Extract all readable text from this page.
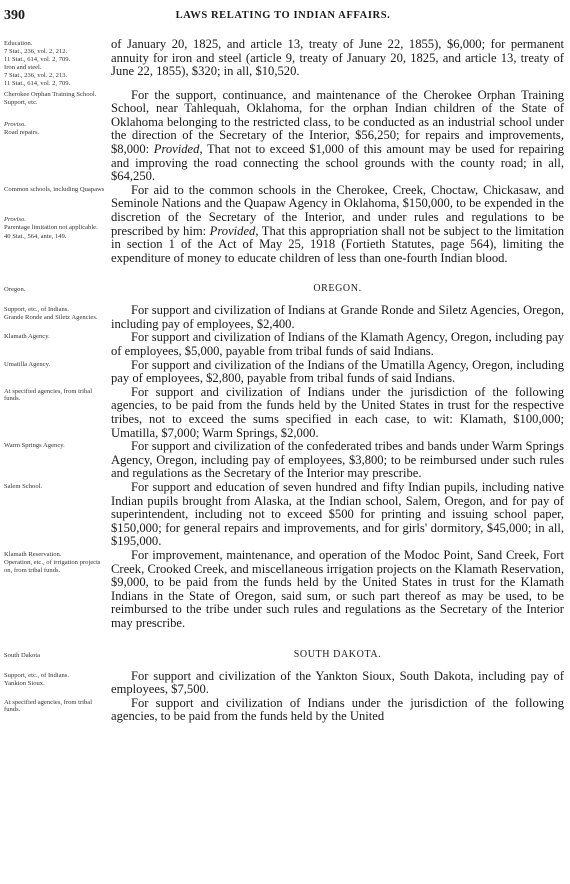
390	LAWS RELATING TO INDIAN AFFAIRS.
Education.
7 Stat., 236, vol. 2, 212.
11 Stat., 614, vol. 2, 709.
Iron and steel.
7 Stat., 236, vol. 2, 213.
11 Stat., 614, vol. 2, 709.
of January 20, 1825, and article 13, treaty of June 22, 1855), $6,000; for permanent annuity for iron and steel (article 9, treaty of January 20, 1825, and article 13, treaty of June 22, 1855), $320; in all, $10,520.
Cherokee Orphan Training School.
Support, etc.
Proviso.
Road repairs.
For the support, continuance, and maintenance of the Cherokee Orphan Training School, near Tahlequah, Oklahoma, for the orphan Indian children of the State of Oklahoma belonging to the restricted class, to be conducted as an industrial school under the direction of the Secretary of the Interior, $56,250; for repairs and improvements, $8,000: Provided, That not to exceed $1,000 of this amount may be used for repairing and improving the road connecting the school grounds with the county road; in all, $64,250.
Common schools, including Quapaws
Proviso.
Parentage limitation not applicable.
40 Stat., 564, ante, 149.
For aid to the common schools in the Cherokee, Creek, Choctaw, Chickasaw, and Seminole Nations and the Quapaw Agency in Oklahoma, $150,000, to be expended in the discretion of the Secretary of the Interior, and under rules and regulations to be prescribed by him: Provided, That this appropriation shall not be subject to the limitation in section 1 of the Act of May 25, 1918 (Fortieth Statutes, page 564), limiting the expenditure of money to educate children of less than one-fourth Indian blood.
Oregon.	OREGON.
Support, etc., of Indians.
Grande Ronde and Siletz Agencies.
For support and civilization of Indians at Grande Ronde and Siletz Agencies, Oregon, including pay of employees, $2,400.
Klamath Agency.	For support and civilization of Indians of the Klamath Agency, Oregon, including pay of employees, $5,000, payable from tribal funds of said Indians.
Umatilla Agency.	For support and civilization of the Indians of the Umatilla Agency, Oregon, including pay of employees, $2,800, payable from tribal funds of said Indians.
At specified agencies, from tribal funds.
For support and civilization of Indians under the jurisdiction of the following agencies, to be paid from the funds held by the United States in trust for the respective tribes, not to exceed the sums specified in each case, to wit: Klamath, $100,000; Umatilla, $7,000; Warm Springs, $2,000.
Warm Springs Agency.	For support and civilization of the confederated tribes and bands under Warm Springs Agency, Oregon, including pay of employees, $3,800; to be reimbursed under such rules and regulations as the Secretary of the Interior may prescribe.
Salem School.	For support and education of seven hundred and fifty Indian pupils, including native Indian pupils brought from Alaska, at the Indian school, Salem, Oregon, and for pay of superintendent, including not to exceed $500 for printing and issuing school paper, $150,000; for general repairs and improvements, and for girls' dormitory, $45,000; in all, $195,000.
Klamath Reservation.
Operation, etc., of irrigation projects on, from tribal funds.
For improvement, maintenance, and operation of the Modoc Point, Sand Creek, Fort Creek, Crooked Creek, and miscellaneous irrigation projects on the Klamath Reservation, $9,000, to be paid from the funds held by the United States in trust for the Klamath Indians in the State of Oregon, said sum, or such part thereof as may be used, to be reimbursed to the tribe under such rules and regulations as the Secretary of the Interior may prescribe.
South Dakota	SOUTH DAKOTA.
Support, etc., of Indians.
Yankton Sioux.
For support and civilization of the Yankton Sioux, South Dakota, including pay of employees, $7,500.
At specified agencies, from tribal funds.
For support and civilization of Indians under the jurisdiction of the following agencies, to be paid from the funds held by the United
